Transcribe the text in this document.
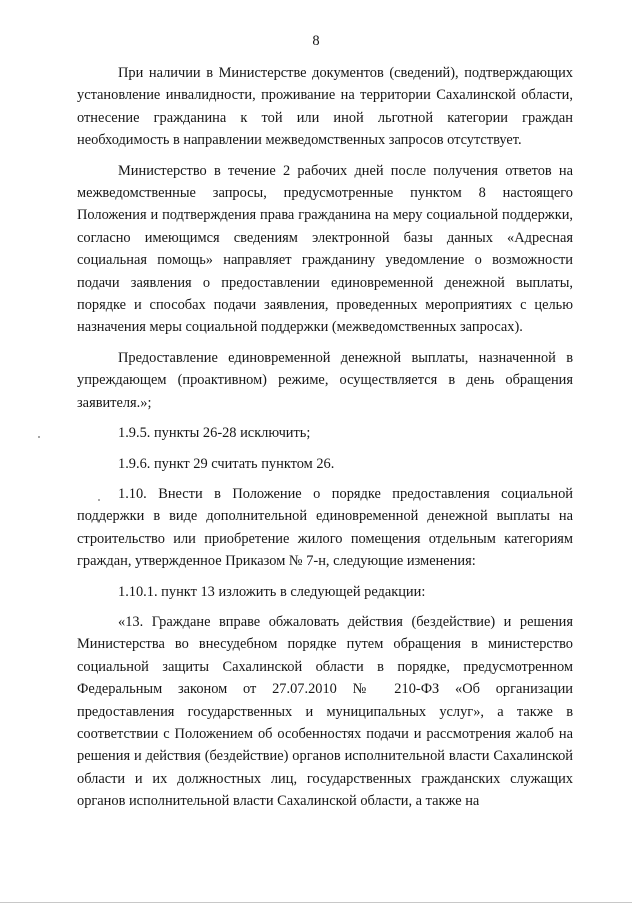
8

При наличии в Министерстве документов (сведений), подтверждающих установление инвалидности, проживание на территории Сахалинской области, отнесение гражданина к той или иной льготной категории граждан необходимость в направлении межведомственных запросов отсутствует.

Министерство в течение 2 рабочих дней после получения ответов на межведомственные запросы, предусмотренные пунктом 8 настоящего Положения и подтверждения права гражданина на меру социальной поддержки, согласно имеющимся сведениям электронной базы данных «Адресная социальная помощь» направляет гражданину уведомление о возможности подачи заявления о предоставлении единовременной денежной выплаты, порядке и способах подачи заявления, проведенных мероприятиях с целью назначения меры социальной поддержки (межведомственных запросах).

Предоставление единовременной денежной выплаты, назначенной в упреждающем (проактивном) режиме, осуществляется в день обращения заявителя.»;

1.9.5. пункты 26-28 исключить;

1.9.6. пункт 29 считать пунктом 26.

1.10. Внести в Положение о порядке предоставления социальной поддержки в виде дополнительной единовременной денежной выплаты на строительство или приобретение жилого помещения отдельным категориям граждан, утвержденное Приказом № 7-н, следующие изменения:

1.10.1. пункт 13 изложить в следующей редакции:

«13. Граждане вправе обжаловать действия (бездействие) и решения Министерства во внесудебном порядке путем обращения в министерство социальной защиты Сахалинской области в порядке, предусмотренном Федеральным законом от 27.07.2010 № 210-ФЗ «Об организации предоставления государственных и муниципальных услуг», а также в соответствии с Положением об особенностях подачи и рассмотрения жалоб на решения и действия (бездействие) органов исполнительной власти Сахалинской области и их должностных лиц, государственных гражданских служащих органов исполнительной власти Сахалинской области, а также на
